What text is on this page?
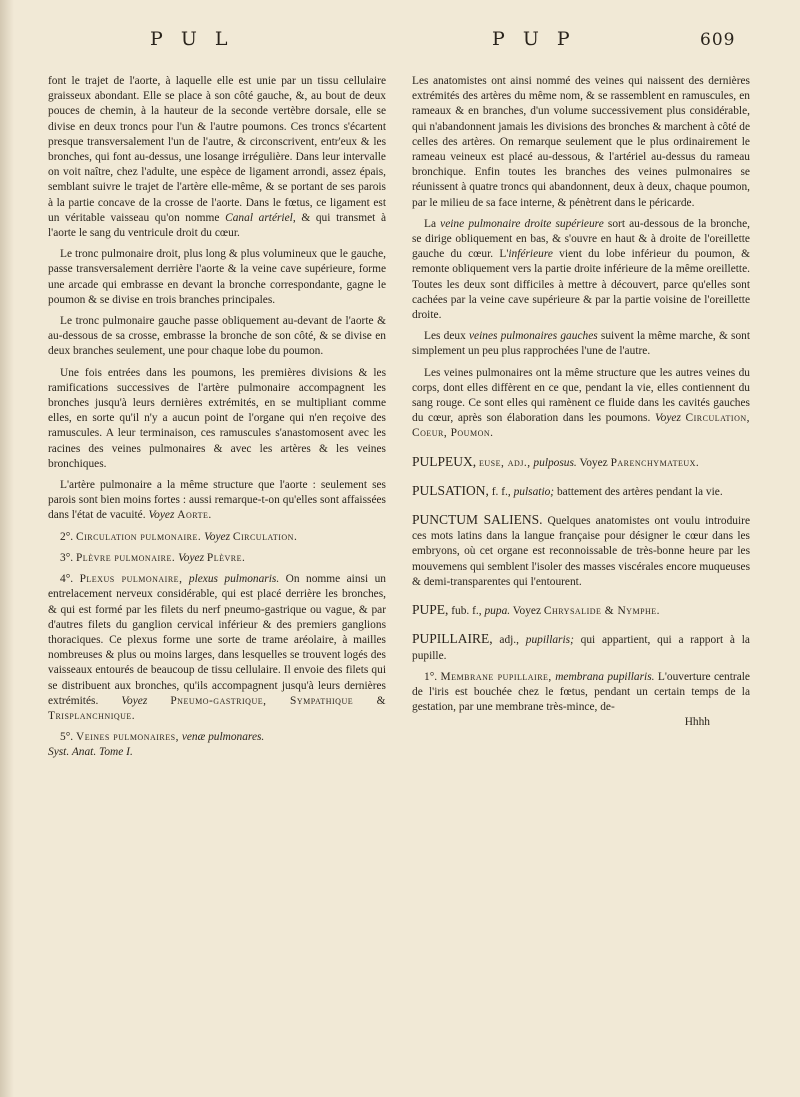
P U L	P U P	609

font le trajet de l'aorte, à laquelle elle est unie par un tissu cellulaire graisseux abondant. Elle se place à son côté gauche, &, au bout de deux pouces de chemin, à la hauteur de la seconde vertèbre dorsale, elle se divise en deux troncs pour l'un & l'autre poumons. Ces troncs s'écartent presque transversalement l'un de l'autre, & circonscrivent, entr'eux & les bronches, qui font au-dessus, une losange irrégulière. Dans leur intervalle on voit naître, chez l'adulte, une espèce de ligament arrondi, assez épais, semblant suivre le trajet de l'artère elle-même, & se portant de ses parois à la partie concave de la crosse de l'aorte. Dans le fœtus, ce ligament est un véritable vaisseau qu'on nomme Canal artériel, & qui transmet à l'aorte le sang du ventricule droit du cœur.

Le tronc pulmonaire droit, plus long & plus volumineux que le gauche, passe transversalement derrière l'aorte & la veine cave supérieure, forme une arcade qui embrasse en devant la bronche correspondante, gagne le poumon & se divise en trois branches principales.

Le tronc pulmonaire gauche passe obliquement au-devant de l'aorte & au-dessous de sa crosse, embrasse la bronche de son côté, & se divise en deux branches seulement, une pour chaque lobe du poumon.

Une fois entrées dans les poumons, les premières divisions & les ramifications successives de l'artère pulmonaire accompagnent les bronches jusqu'à leurs dernières extrémités, en se multipliant comme elles, en sorte qu'il n'y a aucun point de l'organe qui n'en reçoive des ramuscules. A leur terminaison, ces ramuscules s'anastomosent avec les racines des veines pulmonaires & avec les artères & les veines bronchiques.

L'artère pulmonaire a la même structure que l'aorte : seulement ses parois sont bien moins fortes : aussi remarque-t-on qu'elles sont affaissées dans l'état de vacuité. Voyez Aorte.

2°. Circulation pulmonaire. Voyez Circulation.

3°. Plèvre pulmonaire. Voyez Plèvre.

4°. Plexus pulmonaire, plexus pulmonaris. On nomme ainsi un entrelacement nerveux considérable, qui est placé derrière les bronches, & qui est formé par les filets du nerf pneumo-gastrique ou vague, & par d'autres filets du ganglion cervical inférieur & des premiers ganglions thoraciques. Ce plexus forme une sorte de trame aréolaire, à mailles nombreuses & plus ou moins larges, dans lesquelles se trouvent logés des vaisseaux entourés de beaucoup de tissu cellulaire. Il envoie des filets qui se distribuent aux bronches, qu'ils accompagnent jusqu'à leurs dernières extrémités. Voyez Pneumo-gastrique, Sympathique & Trisplanchnique.

5°. Veines pulmonaires, venæ pulmonares.
Syst. Anat. Tome I.

Les anatomistes ont ainsi nommé des veines qui naissent des dernières extrémités des artères du même nom, & se rassemblent en ramuscules, en rameaux & en branches, d'un volume successivement plus considérable, qui n'abandonnent jamais les divisions des bronches & marchent à côté de celles des artères. On remarque seulement que le plus ordinairement le rameau veineux est placé au-dessous, & l'artériel au-dessus du rameau bronchique. Enfin toutes les branches des veines pulmonaires se réunissent à quatre troncs qui abandonnent, deux à deux, chaque poumon, par le milieu de sa face interne, & pénètrent dans le péricarde.

La veine pulmonaire droite supérieure sort au-dessous de la bronche, se dirige obliquement en bas, & s'ouvre en haut & à droite de l'oreillette gauche du cœur. L'inférieure vient du lobe inférieur du poumon, & remonte obliquement vers la partie droite inférieure de la même oreillette. Toutes les deux sont difficiles à mettre à découvert, parce qu'elles sont cachées par la veine cave supérieure & par la partie voisine de l'oreillette droite.

Les deux veines pulmonaires gauches suivent la même marche, & sont simplement un peu plus rapprochées l'une de l'autre.

Les veines pulmonaires ont la même structure que les autres veines du corps, dont elles diffèrent en ce que, pendant la vie, elles contiennent du sang rouge. Ce sont elles qui ramènent ce fluide dans les cavités gauches du cœur, après son élaboration dans les poumons. Voyez Circulation, Coeur, Poumon.

PULPEUX, euse, adj., pulposus. Voyez Parenchymateux.

PULSATION, f. f., pulsatio; battement des artères pendant la vie.

PUNCTUM SALIENS. Quelques anatomistes ont voulu introduire ces mots latins dans la langue française pour désigner le cœur dans les embryons, où cet organe est reconnoissable de très-bonne heure par les mouvemens qui semblent l'isoler des masses viscérales encore muqueuses & demi-transparentes qui l'entourent.

PUPE, fub. f., pupa. Voyez Chrysalide & Nymphe.

PUPILLAIRE, adj., pupillaris; qui appartient, qui a rapport à la pupille.

1°. Membrane pupillaire, membrana pupillaris. L'ouverture centrale de l'iris est bouchée chez le fœtus, pendant un certain temps de la gestation, par une membrane très-mince, de-
Hhhh
